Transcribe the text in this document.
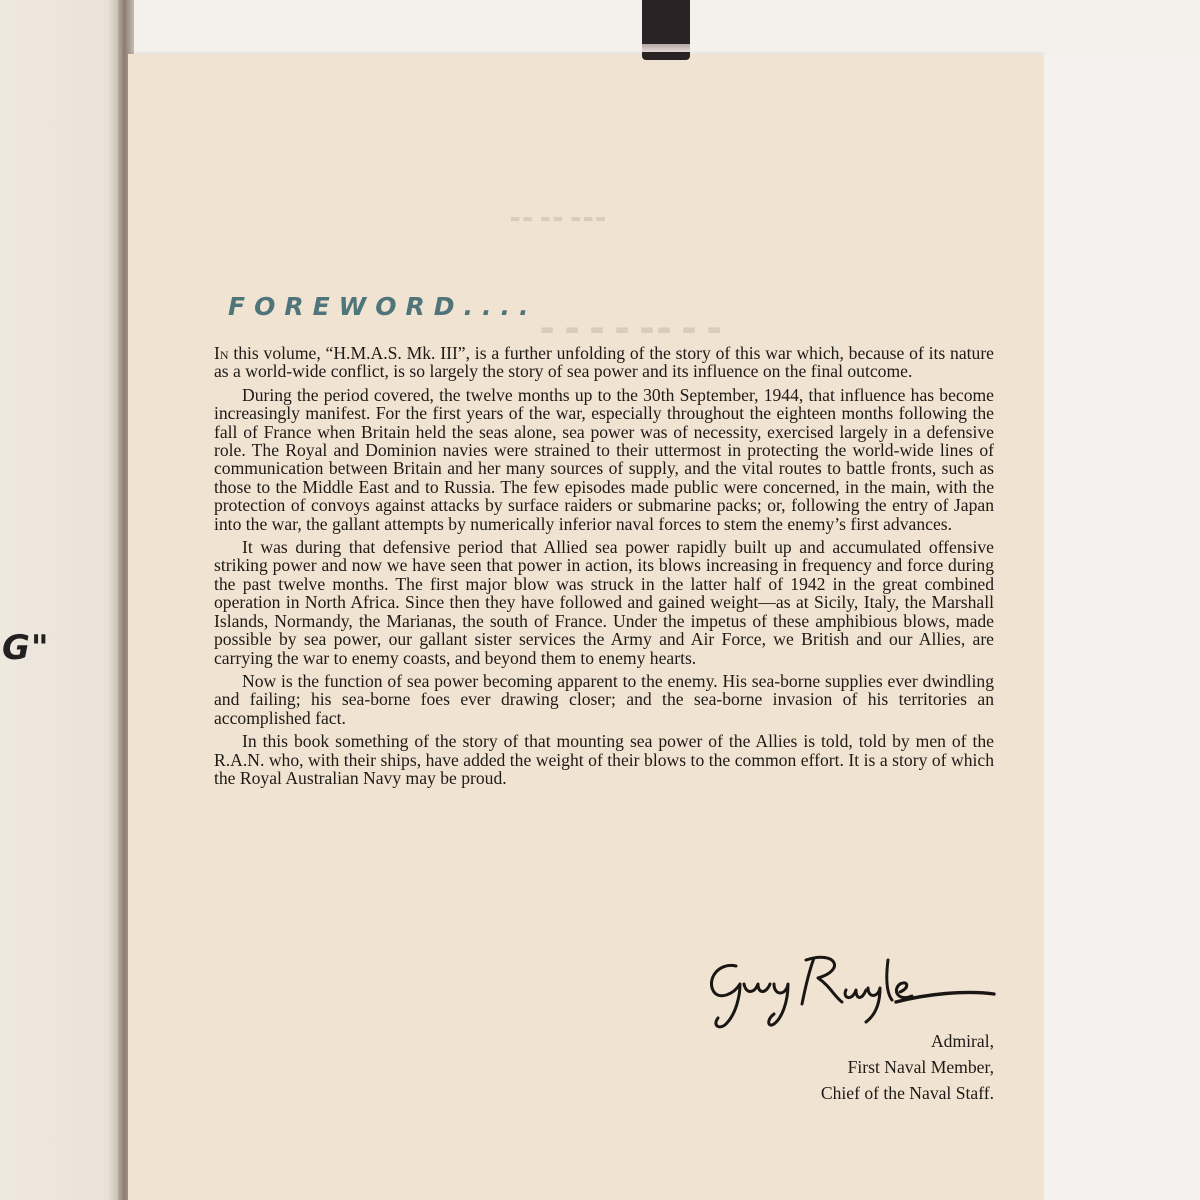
G"
▬▬ ▬▬ ▬▬▬
▬ ▬ ▬ ▬ ▬▬ ▬ ▬
FOREWORD....

In this volume, “H.M.A.S. Mk. III”, is a further unfolding of the story of this war which, because of its nature as a world-wide conflict, is so largely the story of sea power and its influence on the final outcome.

During the period covered, the twelve months up to the 30th September, 1944, that influence has become increasingly manifest. For the first years of the war, especially throughout the eighteen months following the fall of France when Britain held the seas alone, sea power was of necessity, exercised largely in a defensive role. The Royal and Dominion navies were strained to their uttermost in protecting the world-wide lines of communication between Britain and her many sources of supply, and the vital routes to battle fronts, such as those to the Middle East and to Russia. The few episodes made public were concerned, in the main, with the protection of convoys against attacks by surface raiders or submarine packs; or, following the entry of Japan into the war, the gallant attempts by numerically inferior naval forces to stem the enemy’s first advances.

It was during that defensive period that Allied sea power rapidly built up and accumulated offensive striking power and now we have seen that power in action, its blows increasing in frequency and force during the past twelve months. The first major blow was struck in the latter half of 1942 in the great combined operation in North Africa. Since then they have followed and gained weight—as at Sicily, Italy, the Marshall Islands, Normandy, the Marianas, the south of France. Under the impetus of these amphibious blows, made possible by sea power, our gallant sister services the Army and Air Force, we British and our Allies, are carrying the war to enemy coasts, and beyond them to enemy hearts.

Now is the function of sea power becoming apparent to the enemy. His sea-borne supplies ever dwindling and failing; his sea-borne foes ever drawing closer; and the sea-borne invasion of his territories an accomplished fact.

In this book something of the story of that mounting sea power of the Allies is told, told by men of the R.A.N. who, with their ships, have added the weight of their blows to the common effort. It is a story of which the Royal Australian Navy may be proud.

Admiral,
First Naval Member,
Chief of the Naval Staff.
